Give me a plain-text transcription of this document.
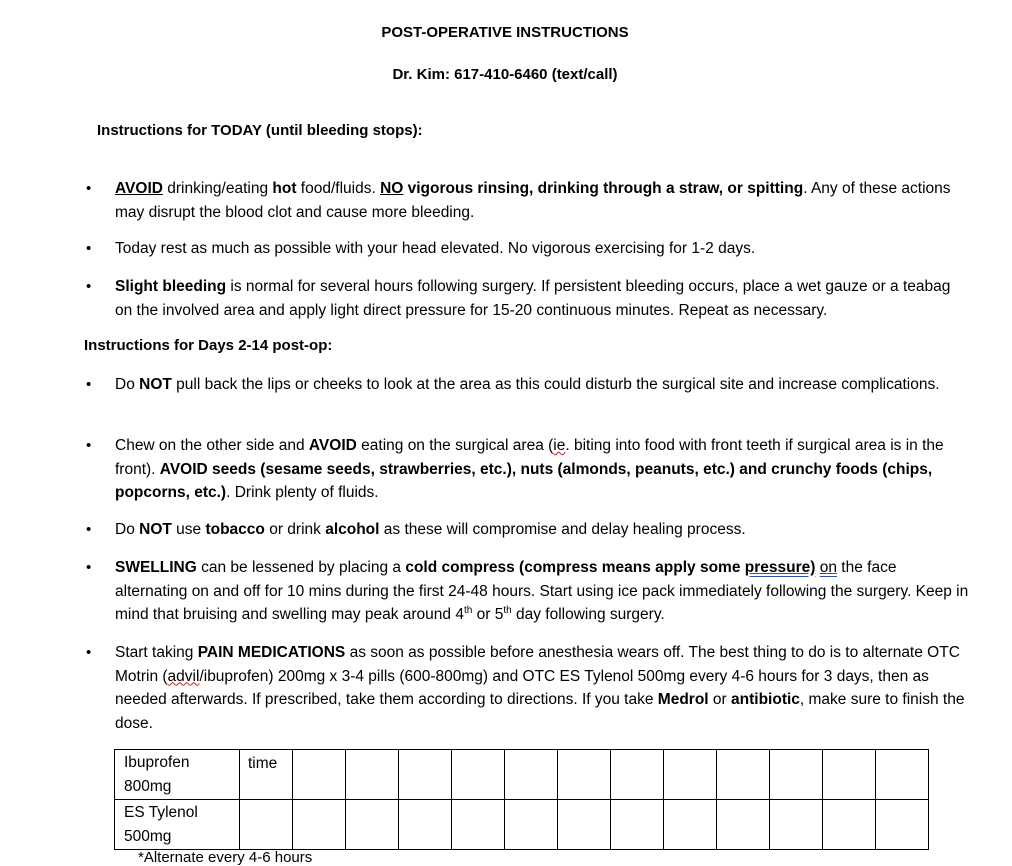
POST-OPERATIVE INSTRUCTIONS
Dr. Kim: 617-410-6460 (text/call)
Instructions for TODAY (until bleeding stops):
• AVOID drinking/eating hot food/fluids. NO vigorous rinsing, drinking through a straw, or spitting. Any of these actions may disrupt the blood clot and cause more bleeding.
• Today rest as much as possible with your head elevated. No vigorous exercising for 1-2 days.
• Slight bleeding is normal for several hours following surgery. If persistent bleeding occurs, place a wet gauze or a teabag on the involved area and apply light direct pressure for 15-20 continuous minutes. Repeat as necessary.
Instructions for Days 2-14 post-op:
• Do NOT pull back the lips or cheeks to look at the area as this could disturb the surgical site and increase complications.
• Chew on the other side and AVOID eating on the surgical area (ie. biting into food with front teeth if surgical area is in the front). AVOID seeds (sesame seeds, strawberries, etc.), nuts (almonds, peanuts, etc.) and crunchy foods (chips, popcorns, etc.). Drink plenty of fluids.
• Do NOT use tobacco or drink alcohol as these will compromise and delay healing process.
• SWELLING can be lessened by placing a cold compress (compress means apply some pressure) on the face alternating on and off for 10 mins during the first 24-48 hours. Start using ice pack immediately following the surgery. Keep in mind that bruising and swelling may peak around 4th or 5th day following surgery.
• Start taking PAIN MEDICATIONS as soon as possible before anesthesia wears off. The best thing to do is to alternate OTC Motrin (advil/ibuprofen) 200mg x 3-4 pills (600-800mg) and OTC ES Tylenol 500mg every 4-6 hours for 3 days, then as needed afterwards. If prescribed, take them according to directions. If you take Medrol or antibiotic, make sure to finish the dose.
Ibuprofen
800mg	time												

ES Tylenol
500mg													

*Alternate every 4-6 hours
